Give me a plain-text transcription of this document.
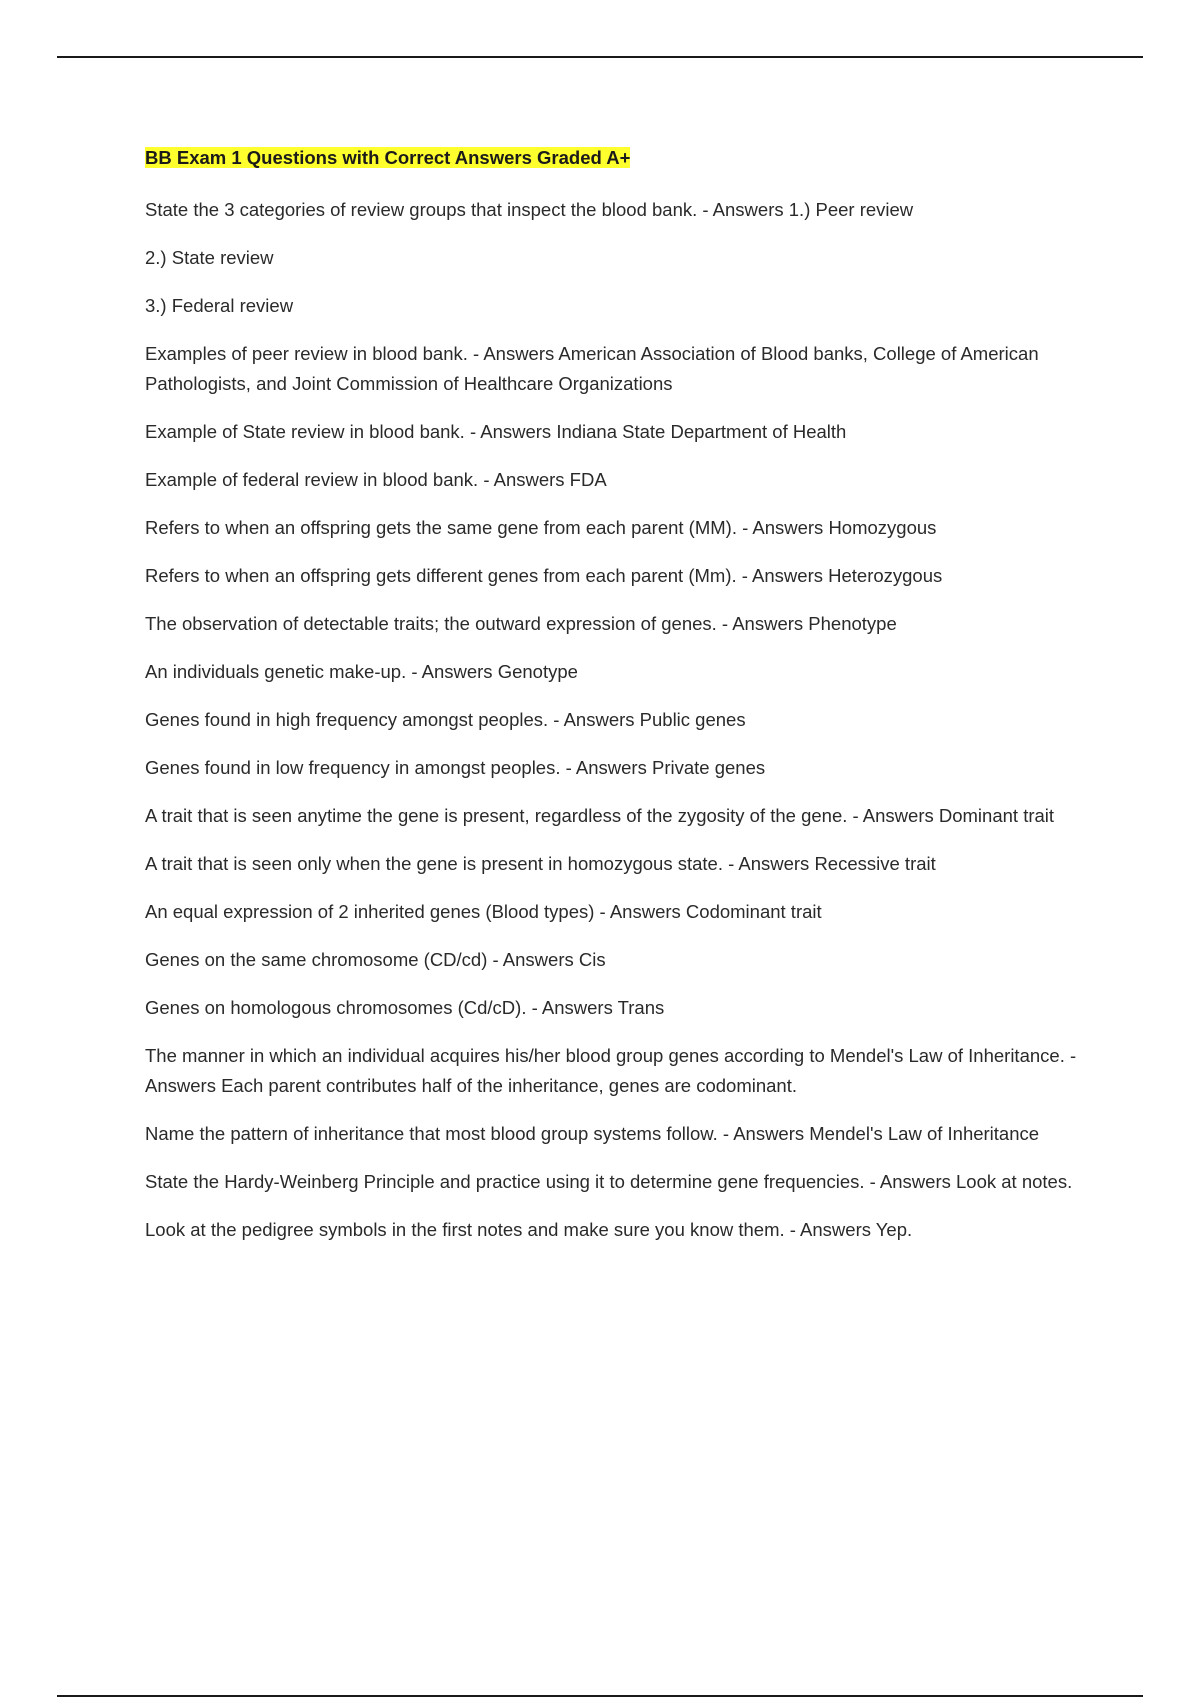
BB Exam 1 Questions with Correct Answers Graded A+

State the 3 categories of review groups that inspect the blood bank. - Answers 1.) Peer review

2.) State review

3.) Federal review

Examples of peer review in blood bank. - Answers American Association of Blood banks, College of American Pathologists, and Joint Commission of Healthcare Organizations

Example of State review in blood bank. - Answers Indiana State Department of Health

Example of federal review in blood bank. - Answers FDA

Refers to when an offspring gets the same gene from each parent (MM). - Answers Homozygous

Refers to when an offspring gets different genes from each parent (Mm). - Answers Heterozygous

The observation of detectable traits; the outward expression of genes. - Answers Phenotype

An individuals genetic make-up. - Answers Genotype

Genes found in high frequency amongst peoples. - Answers Public genes

Genes found in low frequency in amongst peoples. - Answers Private genes

A trait that is seen anytime the gene is present, regardless of the zygosity of the gene. - Answers Dominant trait

A trait that is seen only when the gene is present in homozygous state. - Answers Recessive trait

An equal expression of 2 inherited genes (Blood types) - Answers Codominant trait

Genes on the same chromosome (CD/cd) - Answers Cis

Genes on homologous chromosomes (Cd/cD). - Answers Trans

The manner in which an individual acquires his/her blood group genes according to Mendel's Law of Inheritance. - Answers Each parent contributes half of the inheritance, genes are codominant.

Name the pattern of inheritance that most blood group systems follow. - Answers Mendel's Law of Inheritance

State the Hardy-Weinberg Principle and practice using it to determine gene frequencies. - Answers Look at notes.

Look at the pedigree symbols in the first notes and make sure you know them. - Answers Yep.
